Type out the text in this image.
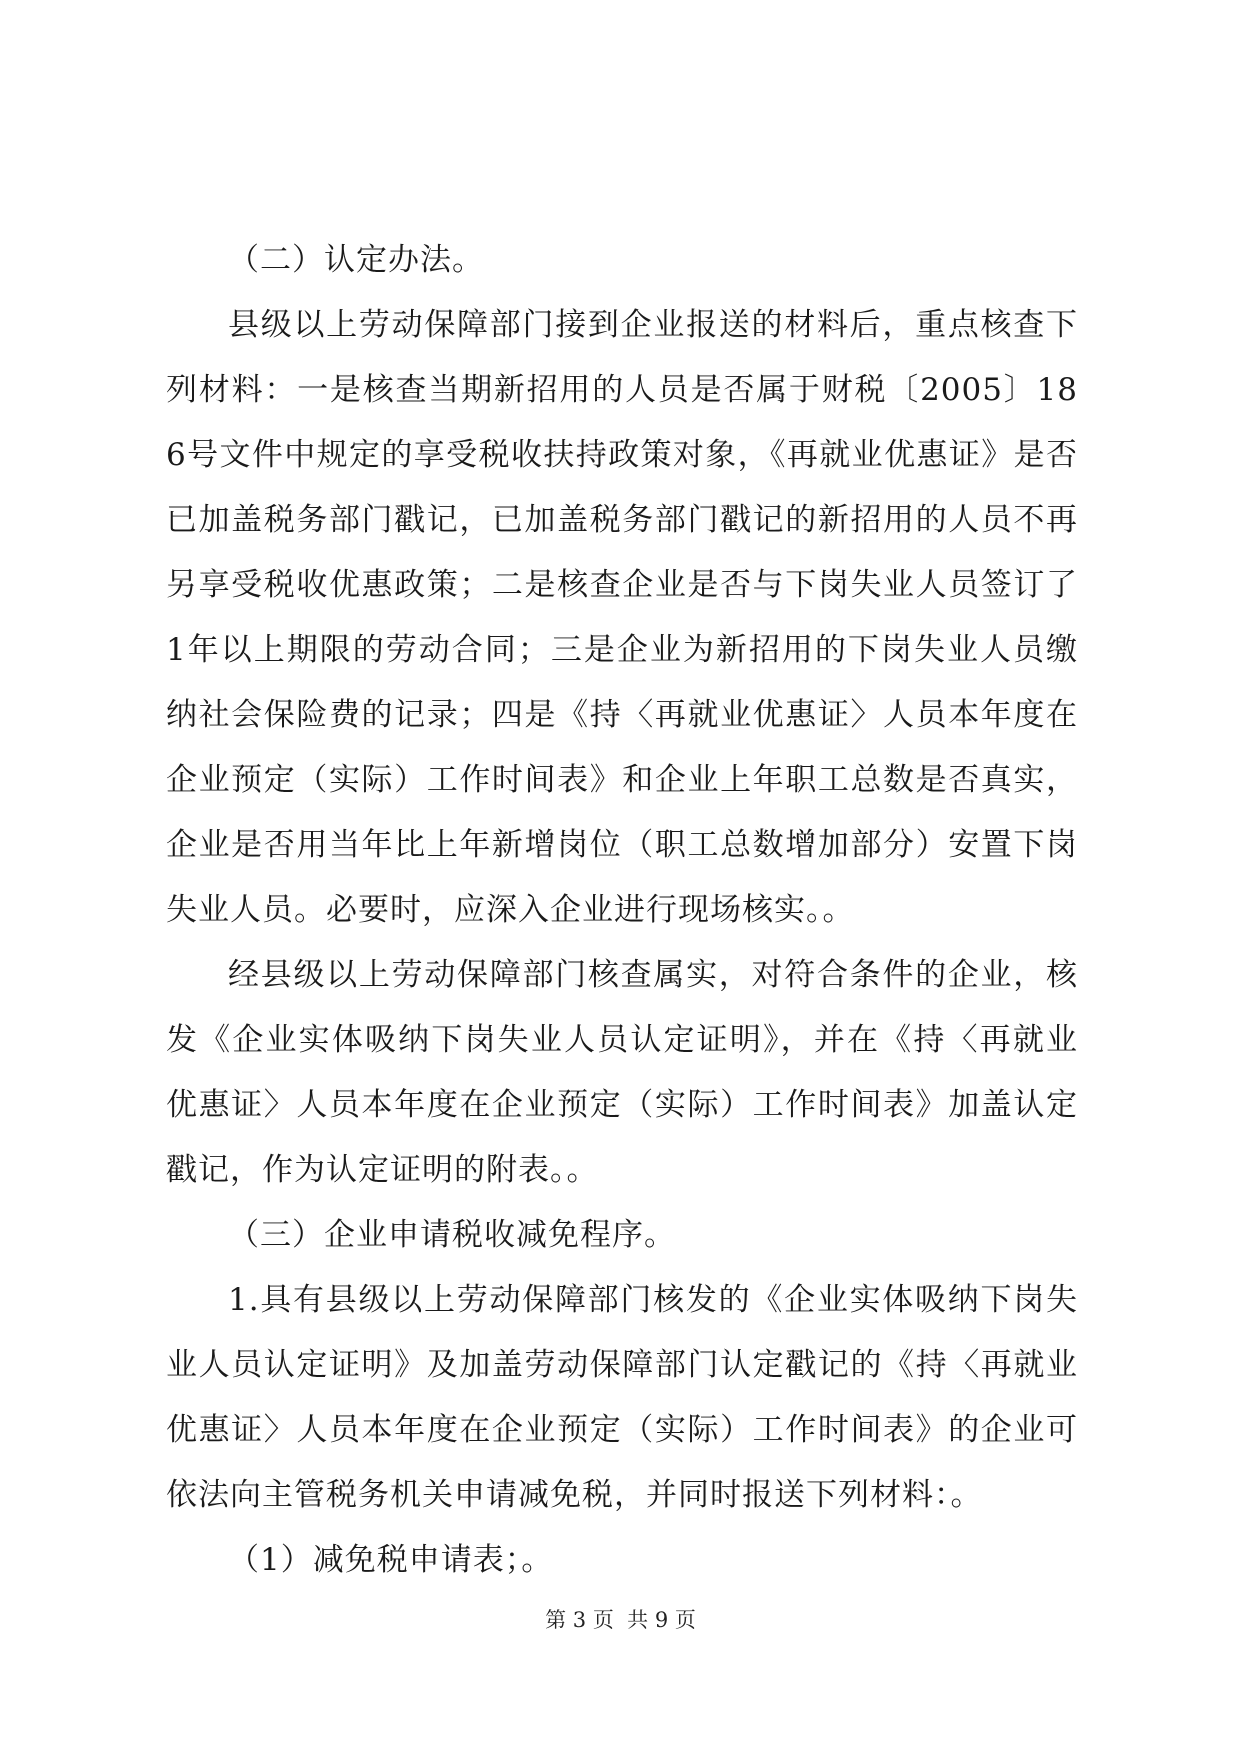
（二）认定办法。

县级以上劳动保障部门接到企业报送的材料后，重点核查下列材料：一是核查当期新招用的人员是否属于财税〔2005〕186号文件中规定的享受税收扶持政策对象，《再就业优惠证》是否已加盖税务部门戳记，已加盖税务部门戳记的新招用的人员不再另享受税收优惠政策；二是核查企业是否与下岗失业人员签订了1年以上期限的劳动合同；三是企业为新招用的下岗失业人员缴纳社会保险费的记录；四是《持〈再就业优惠证〉人员本年度在企业预定（实际）工作时间表》和企业上年职工总数是否真实，企业是否用当年比上年新增岗位（职工总数增加部分）安置下岗失业人员。必要时，应深入企业进行现场核实。。

经县级以上劳动保障部门核查属实，对符合条件的企业，核发《企业实体吸纳下岗失业人员认定证明》，并在《持〈再就业优惠证〉人员本年度在企业预定（实际）工作时间表》加盖认定戳记，作为认定证明的附表。。

（三）企业申请税收减免程序。

1.具有县级以上劳动保障部门核发的《企业实体吸纳下岗失业人员认定证明》及加盖劳动保障部门认定戳记的《持〈再就业优惠证〉人员本年度在企业预定（实际）工作时间表》的企业可依法向主管税务机关申请减免税，并同时报送下列材料：。

（1）减免税申请表；。

第 3 页  共 9 页
